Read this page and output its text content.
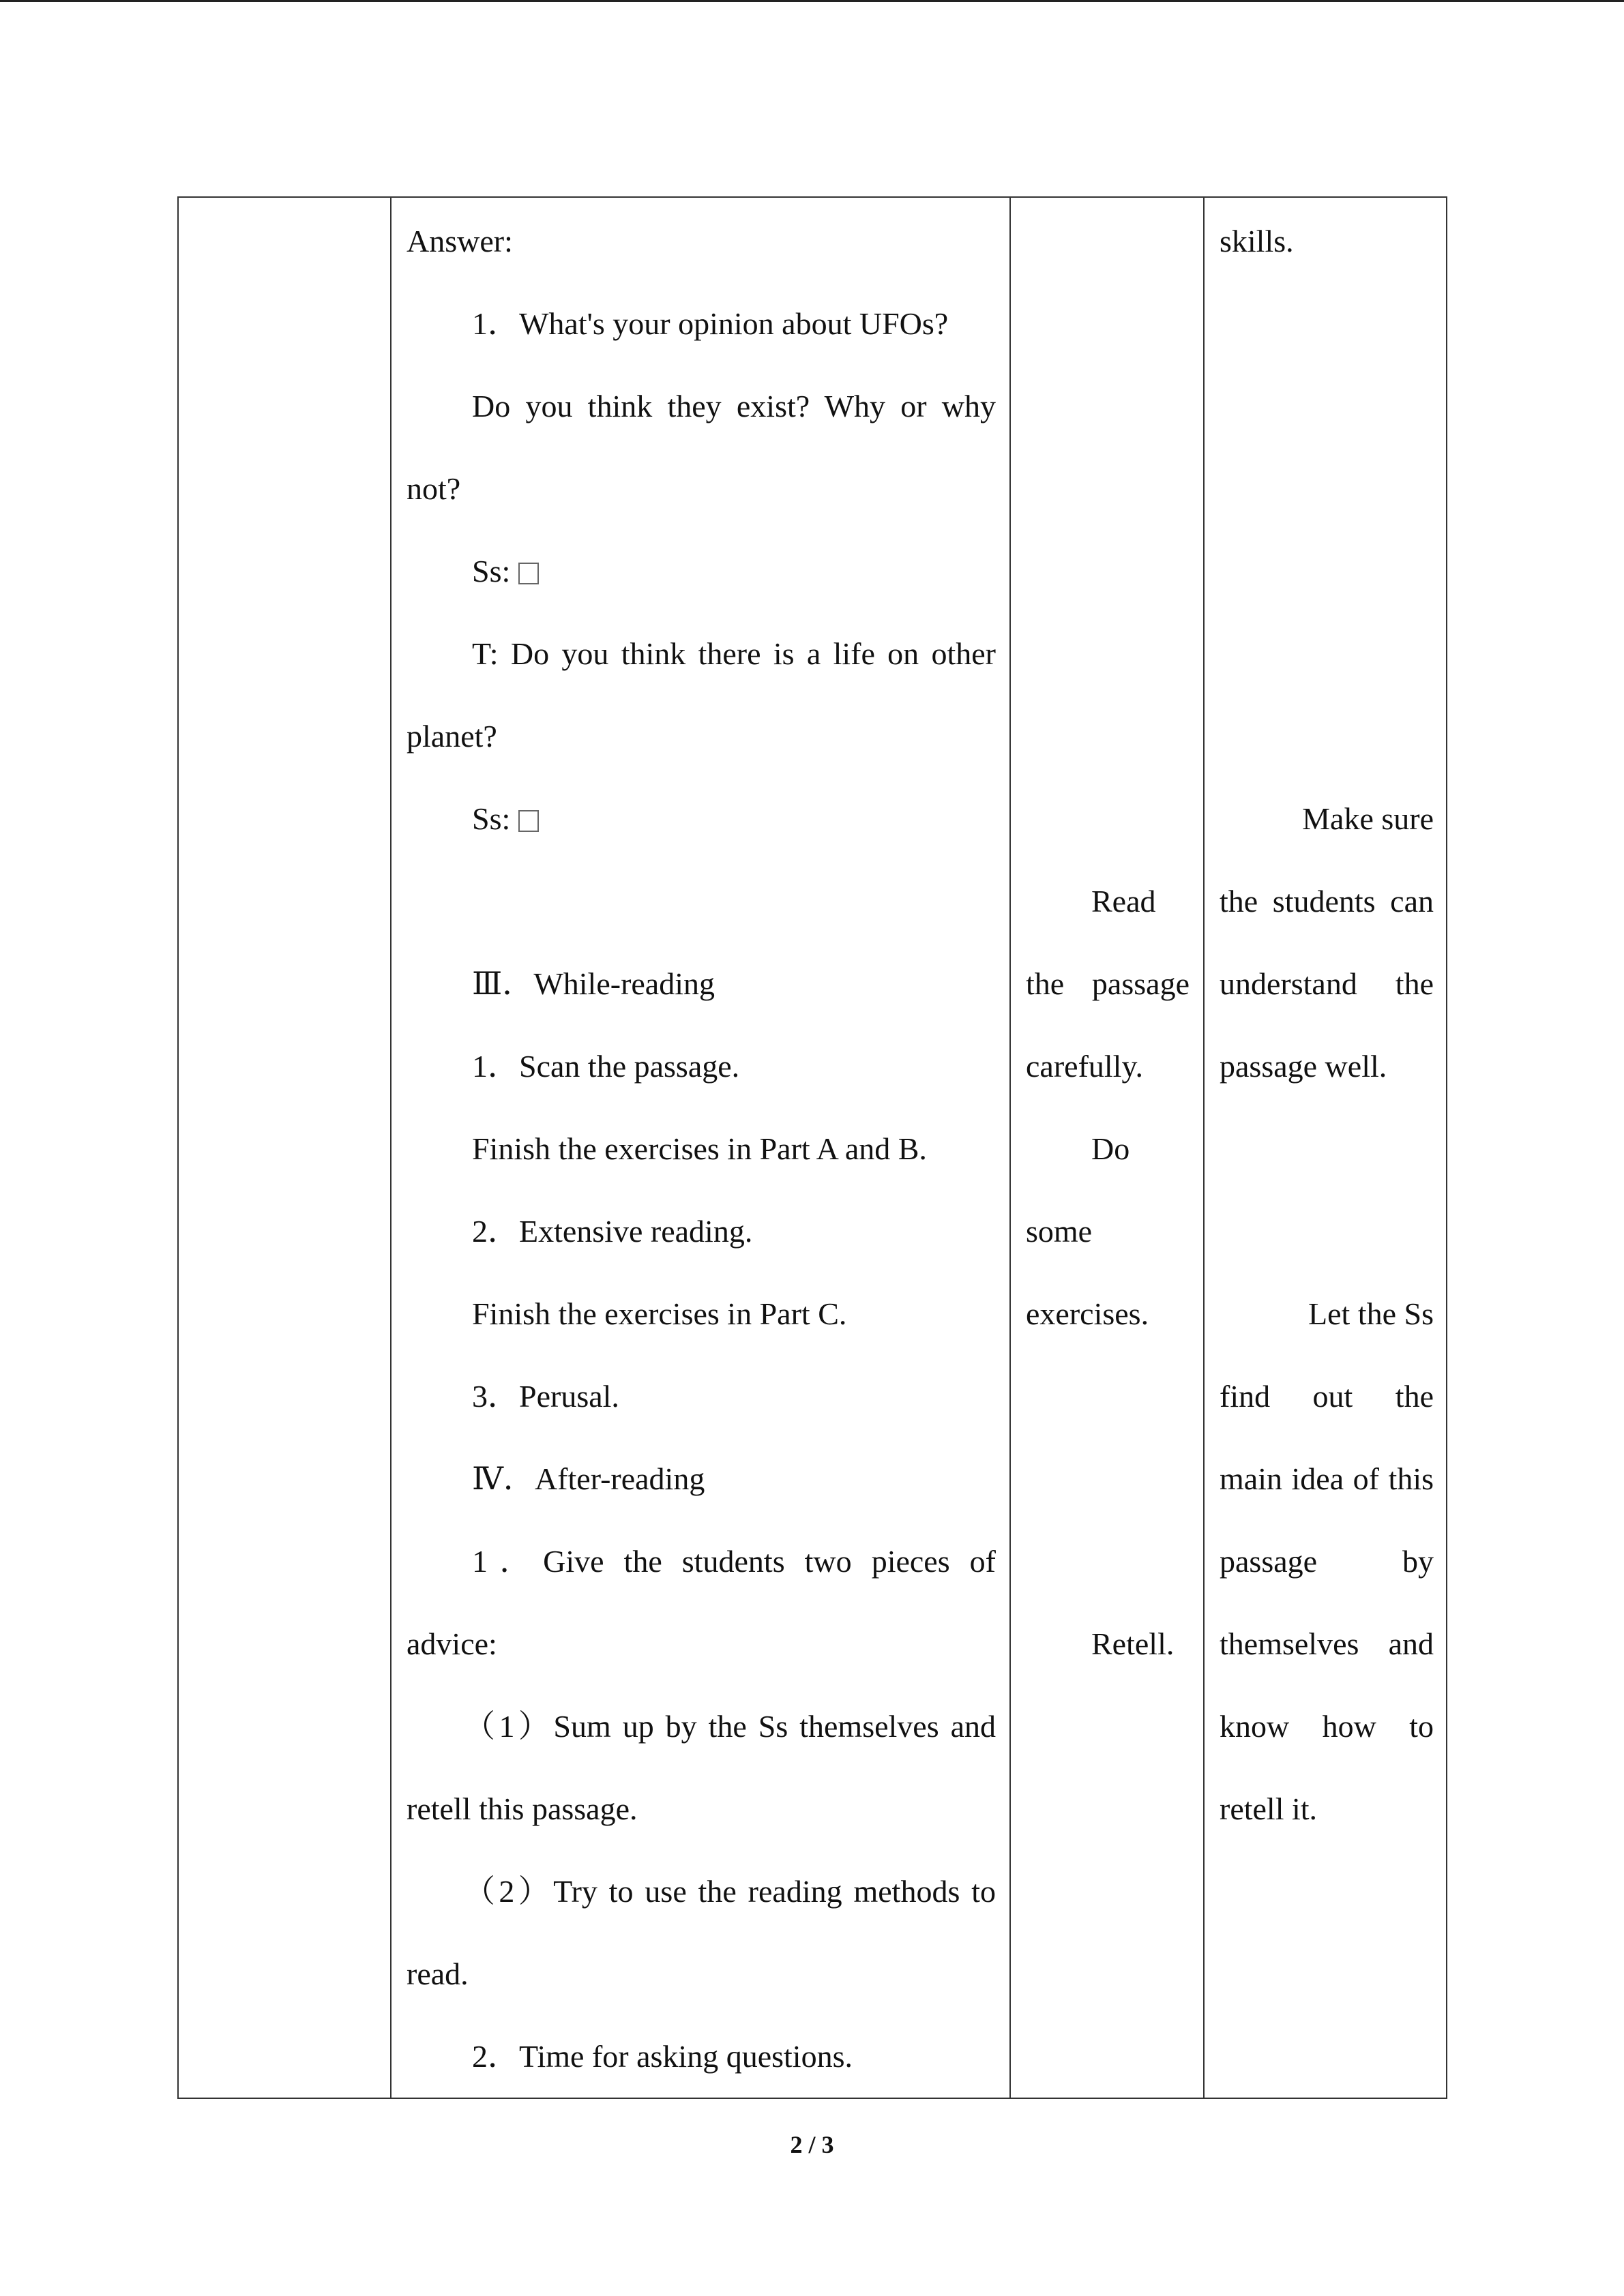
Answer:
1．What's your opinion about UFOs?
Do you think they exist? Why or why
not?
Ss:
T: Do you think there is a life on other
planet?
Ss:
Ⅲ．While-reading
1．Scan the passage.
Finish the exercises in Part A and B.
2．Extensive reading.
Finish the exercises in Part C.
3．Perusal.
Ⅳ．After-reading
1．Give the students two pieces of
advice:
（1）Sum up by the Ss themselves and
retell this passage.
（2）Try to use the reading methods to
read.
2．Time for asking questions.
Read
the passage
carefully.
Do
some
exercises.
Retell.
skills.
Make sure
the students can
understand the
passage well.
Let the Ss
find out the
main idea of this
passage by
themselves and
know how to
retell it.
2 / 3
